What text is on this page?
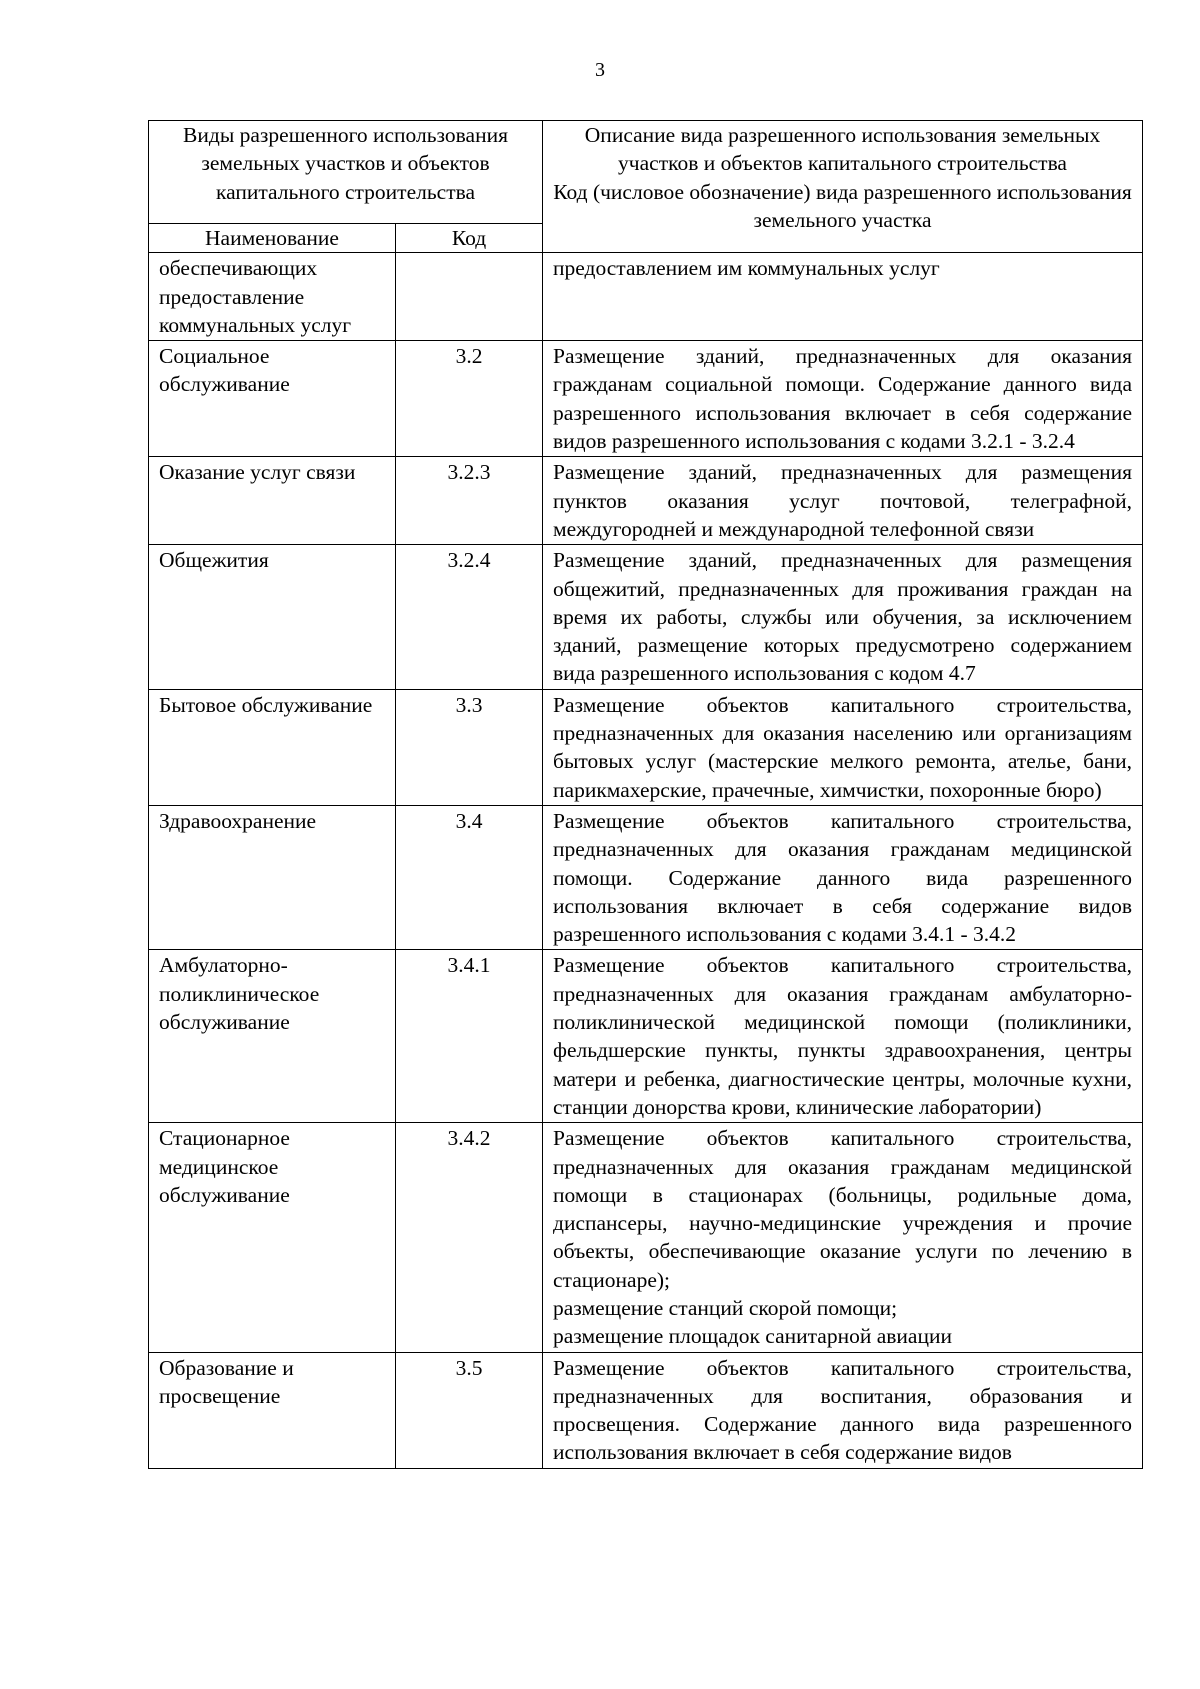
3
Виды разрешенного использования земельных участков и объектов капитального строительства		Описание вида разрешенного использования земельных участков и объектов капитального строительства
Код (числовое обозначение) вида разрешенного использования земельного участка

Наименование	Код	
обеспечивающих предоставление коммунальных услуг		предоставлением им коммунальных услуг

Социальное обслуживание	3.2	Размещение зданий, предназначенных для оказания гражданам социальной помощи. Содержание данного вида разрешенного использования включает в себя содержание видов разрешенного использования с кодами 3.2.1 - 3.2.4

Оказание услуг связи	3.2.3	Размещение зданий, предназначенных для размещения пунктов оказания услуг почтовой, телеграфной, междугородней и международной телефонной связи

Общежития	3.2.4	Размещение зданий, предназначенных для размещения общежитий, предназначенных для проживания граждан на время их работы, службы или обучения, за исключением зданий, размещение которых предусмотрено содержанием вида разрешенного использования с кодом 4.7

Бытовое обслуживание	3.3	Размещение объектов капитального строительства, предназначенных для оказания населению или организациям бытовых услуг (мастерские мелкого ремонта, ателье, бани, парикмахерские, прачечные, химчистки, похоронные бюро)

Здравоохранение	3.4	Размещение объектов капитального строительства, предназначенных для оказания гражданам медицинской помощи. Содержание данного вида разрешенного использования включает в себя содержание видов разрешенного использования с кодами 3.4.1 - 3.4.2

Амбулаторно-поликлиническое обслуживание	3.4.1	Размещение объектов капитального строительства, предназначенных для оказания гражданам амбулаторно-поликлинической медицинской помощи (поликлиники, фельдшерские пункты, пункты здравоохранения, центры матери и ребенка, диагностические центры, молочные кухни, станции донорства крови, клинические лаборатории)

Стационарное медицинское обслуживание	3.4.2	Размещение объектов капитального строительства, предназначенных для оказания гражданам медицинской помощи в стационарах (больницы, родильные дома, диспансеры, научно-медицинские учреждения и прочие объекты, обеспечивающие оказание услуги по лечению в стационаре);
размещение станций скорой помощи;
размещение площадок санитарной авиации

Образование и просвещение	3.5	Размещение объектов капитального строительства, предназначенных для воспитания, образования и просвещения. Содержание данного вида разрешенного использования включает в себя содержание видов
